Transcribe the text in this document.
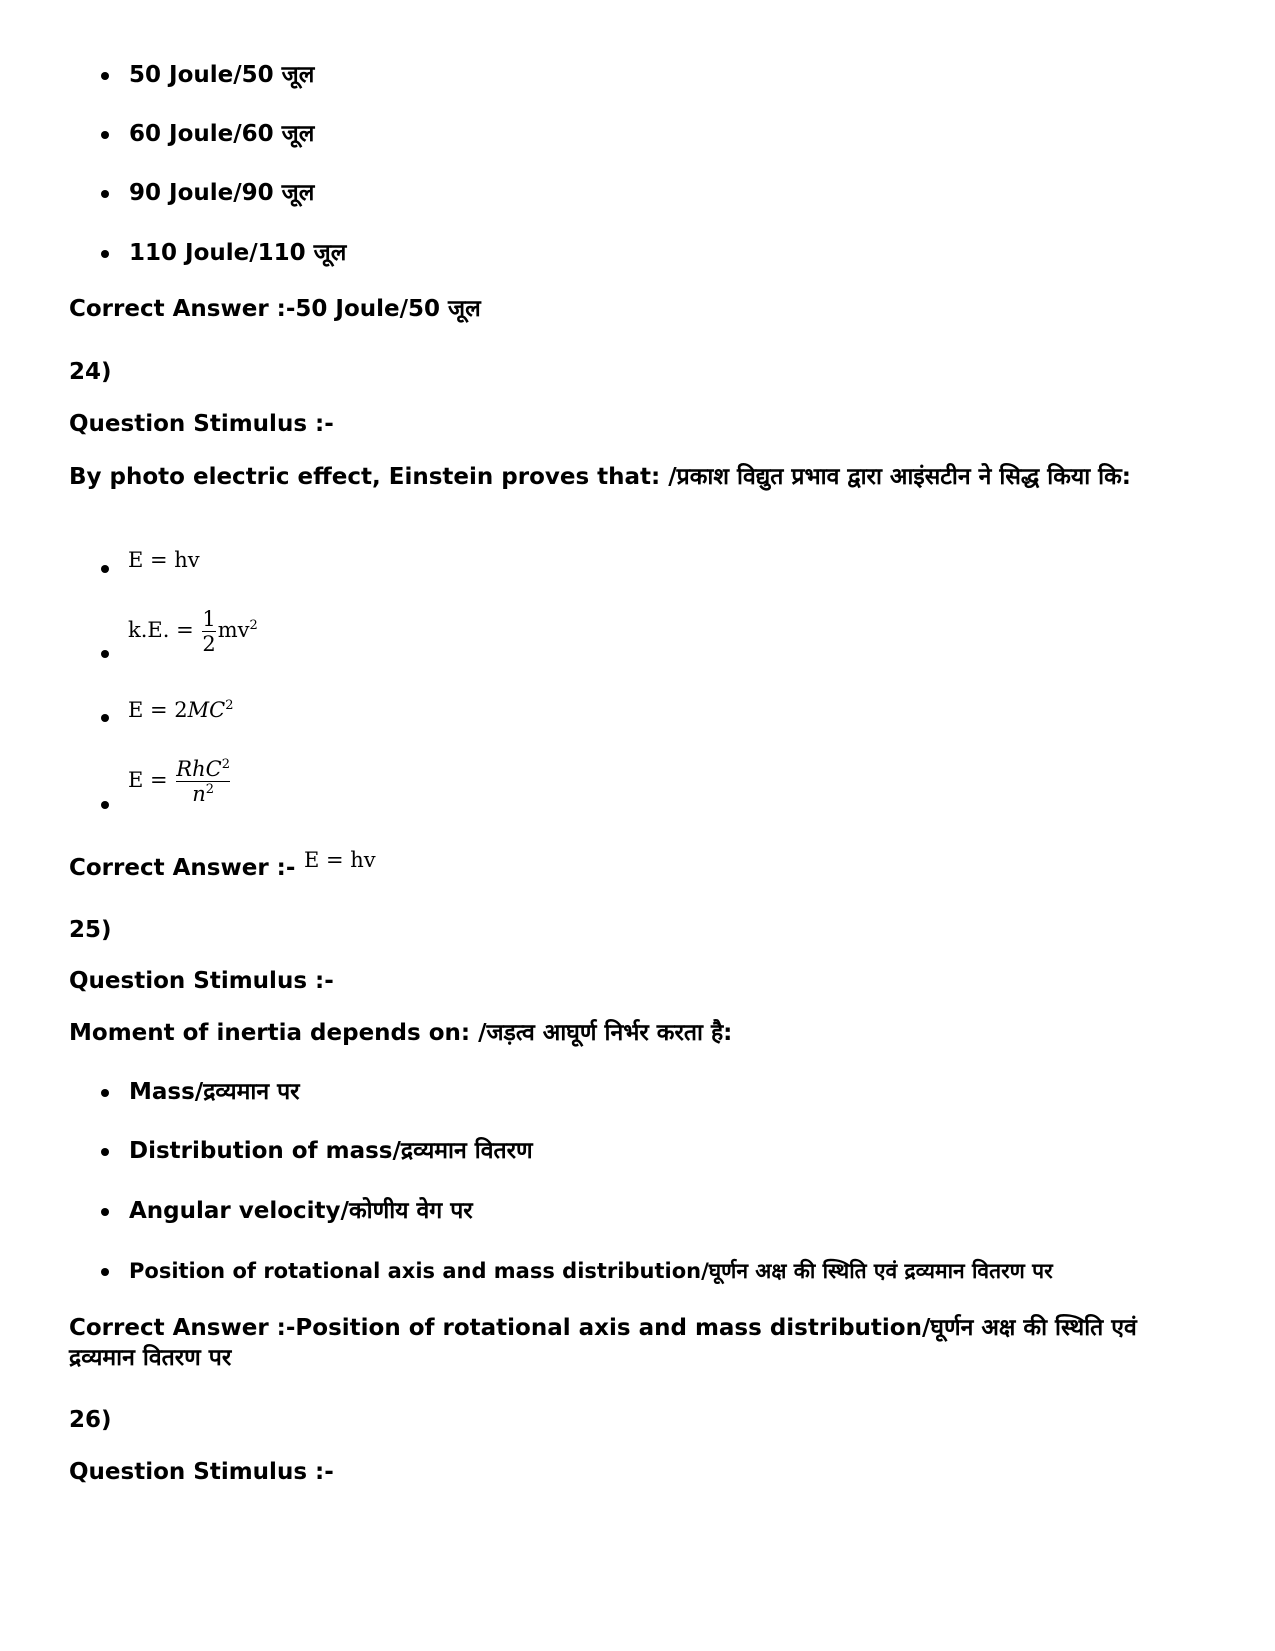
50 Joule/50 जूल
60 Joule/60 जूल
90 Joule/90 जूल
110 Joule/110 जूल
Correct Answer :-50 Joule/50 जूल
24)
Question Stimulus :-
By photo electric effect, Einstein proves that: /प्रकाश विद्युत प्रभाव द्वारा आइंसटीन ने सिद्ध किया कि:
E = hv
k.E. = $\frac{1}{2} mv^2$
$E = 2MC^2$
$E = \frac{RhC^2}{n^2}$
Correct Answer :- E = hv
25)
Question Stimulus :-
Moment of inertia depends on: /जड़त्व आघूर्ण निर्भर करता है:
Mass/द्रव्यमान पर
Distribution of mass/द्रव्यमान वितरण
Angular velocity/कोणीय वेग पर
Position of rotational axis and mass distribution/घूर्णन अक्ष की स्थिति एवं द्रव्यमान वितरण पर
Correct Answer :-Position of rotational axis and mass distribution/घूर्णन अक्ष की स्थिति एवं द्रव्यमान वितरण पर
26)
Question Stimulus :-
